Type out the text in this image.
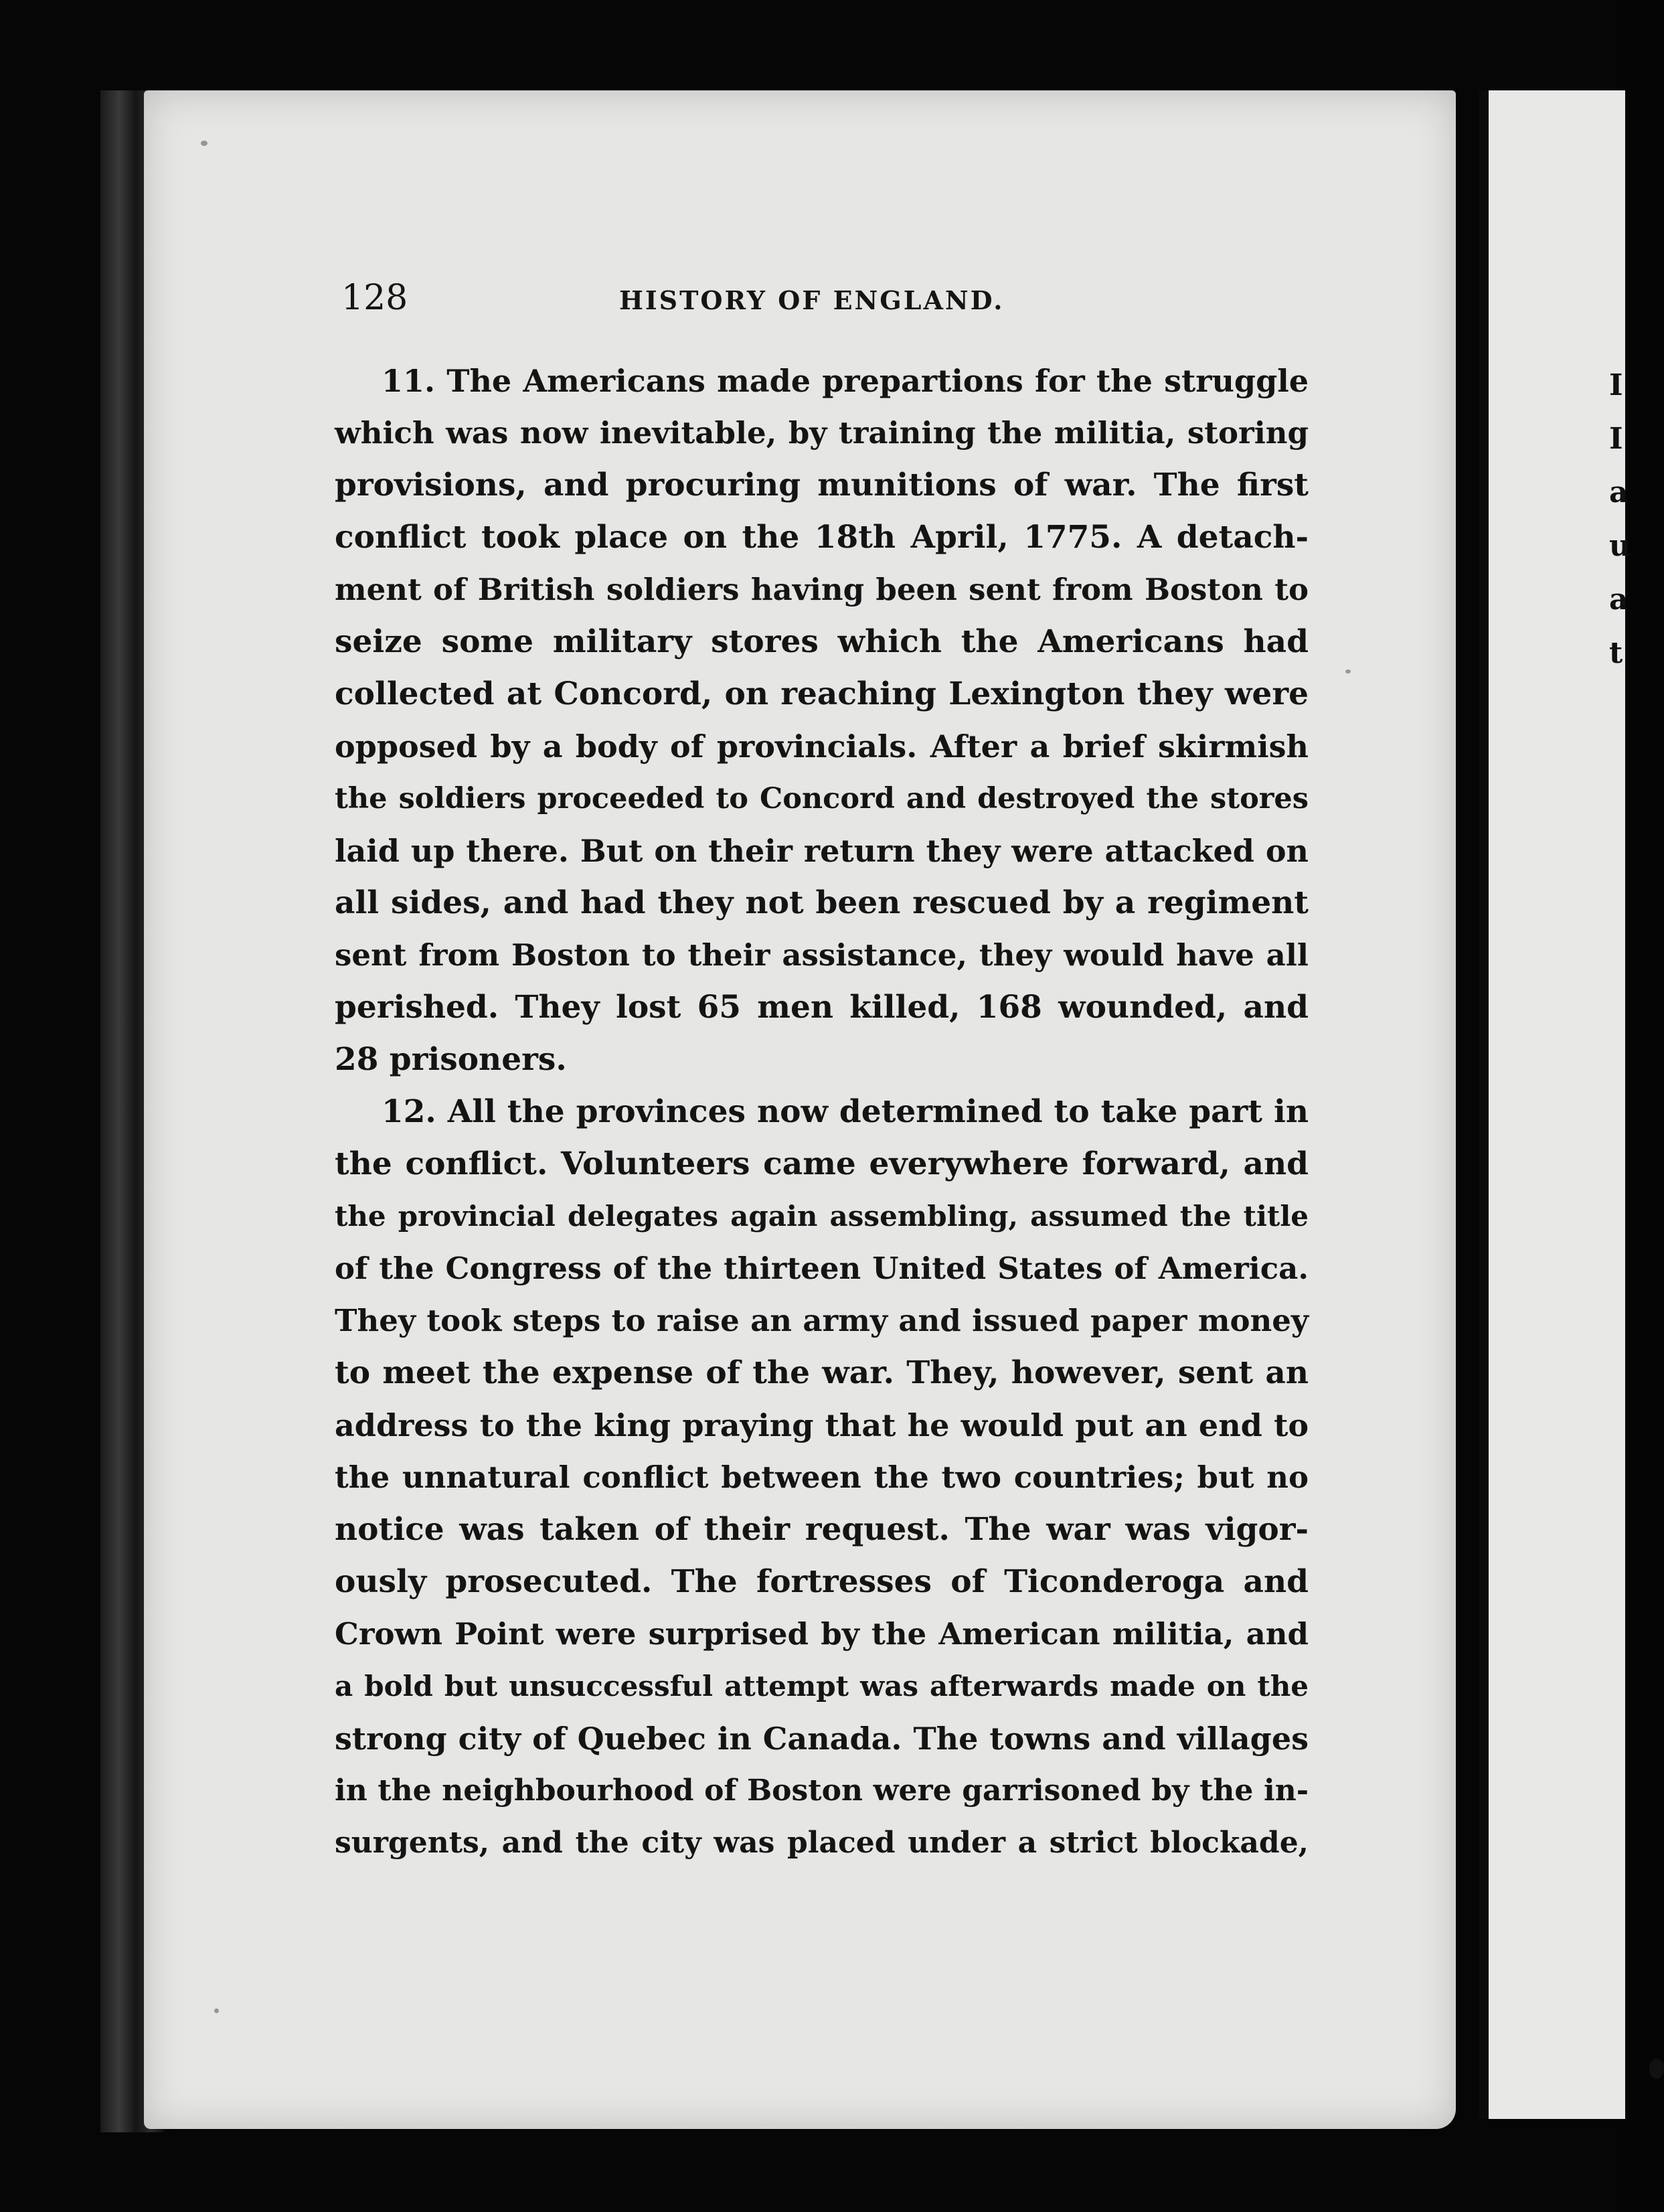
I
I
a
u
a
t
128	HISTORY OF ENGLAND.
11. The Americans made prepartions for the struggle
which was now inevitable, by training the militia, storing
provisions, and procuring munitions of war. The first
conflict took place on the 18th April, 1775. A detach-
ment of British soldiers having been sent from Boston to
seize some military stores which the Americans had
collected at Concord, on reaching Lexington they were
opposed by a body of provincials. After a brief skirmish
the soldiers proceeded to Concord and destroyed the stores
laid up there. But on their return they were attacked on
all sides, and had they not been rescued by a regiment
sent from Boston to their assistance, they would have all
perished. They lost 65 men killed, 168 wounded, and
28 prisoners.
12. All the provinces now determined to take part in
the conflict. Volunteers came everywhere forward, and
the provincial delegates again assembling, assumed the title
of the Congress of the thirteen United States of America.
They took steps to raise an army and issued paper money
to meet the expense of the war. They, however, sent an
address to the king praying that he would put an end to
the unnatural conflict between the two countries; but no
notice was taken of their request. The war was vigor-
ously prosecuted. The fortresses of Ticonderoga and
Crown Point were surprised by the American militia, and
a bold but unsuccessful attempt was afterwards made on the
strong city of Quebec in Canada. The towns and villages
in the neighbourhood of Boston were garrisoned by the in-
surgents, and the city was placed under a strict blockade,
